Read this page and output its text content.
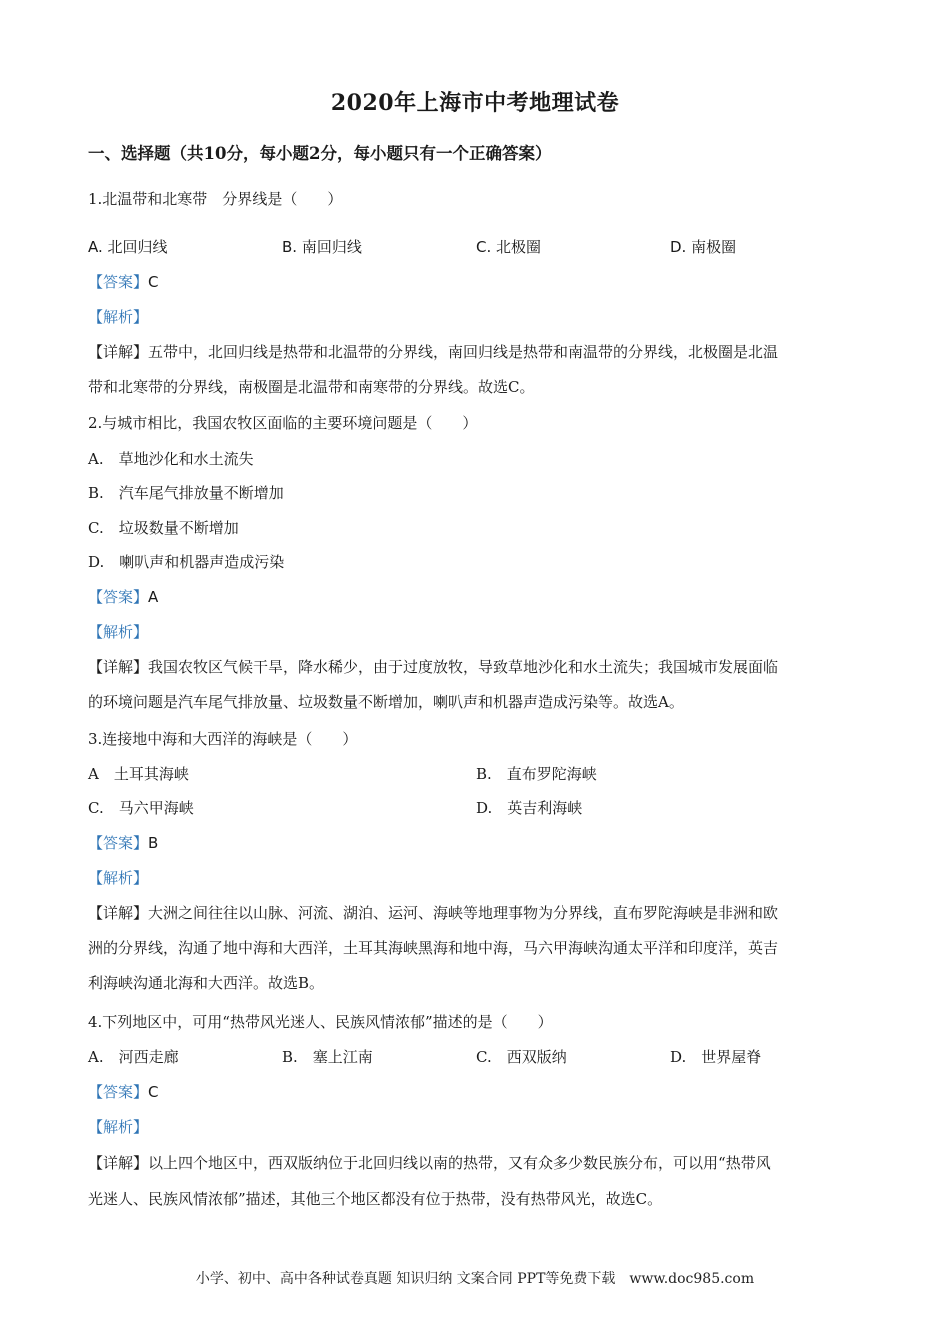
2020年上海市中考地理试卷
一、选择题（共10分，每小题2分，每小题只有一个正确答案）
1.北温带和北寒带　分界线是（　　）
A. 北回归线	B. 南回归线	C. 北极圈	D. 南极圈
【答案】C
【解析】
【详解】五带中，北回归线是热带和北温带的分界线，南回归线是热带和南温带的分界线，北极圈是北温
带和北寒带的分界线，南极圈是北温带和南寒带的分界线。故选C。
2.与城市相比，我国农牧区面临的主要环境问题是（　　）
A.　草地沙化和水土流失
B.　汽车尾气排放量不断增加
C.　垃圾数量不断增加
D.　喇叭声和机器声造成污染
【答案】A
【解析】
【详解】我国农牧区气候干旱，降水稀少，由于过度放牧，导致草地沙化和水土流失；我国城市发展面临
的环境问题是汽车尾气排放量、垃圾数量不断增加，喇叭声和机器声造成污染等。故选A。
3.连接地中海和大西洋的海峡是（　　）
A　土耳其海峡	B.　直布罗陀海峡
C.　马六甲海峡	D.　英吉利海峡
【答案】B
【解析】
【详解】大洲之间往往以山脉、河流、湖泊、运河、海峡等地理事物为分界线，直布罗陀海峡是非洲和欧
洲的分界线，沟通了地中海和大西洋，土耳其海峡黑海和地中海，马六甲海峡沟通太平洋和印度洋，英吉
利海峡沟通北海和大西洋。故选B。
4.下列地区中，可用“热带风光迷人、民族风情浓郁”描述的是（　　）
A.　河西走廊	B.　塞上江南	C.　西双版纳	D.　世界屋脊
【答案】C
【解析】
【详解】以上四个地区中，西双版纳位于北回归线以南的热带，又有众多少数民族分布，可以用“热带风
光迷人、民族风情浓郁”描述，其他三个地区都没有位于热带，没有热带风光，故选C。
小学、初中、高中各种试卷真题 知识归纳 文案合同 PPT等免费下载　www.doc985.com
